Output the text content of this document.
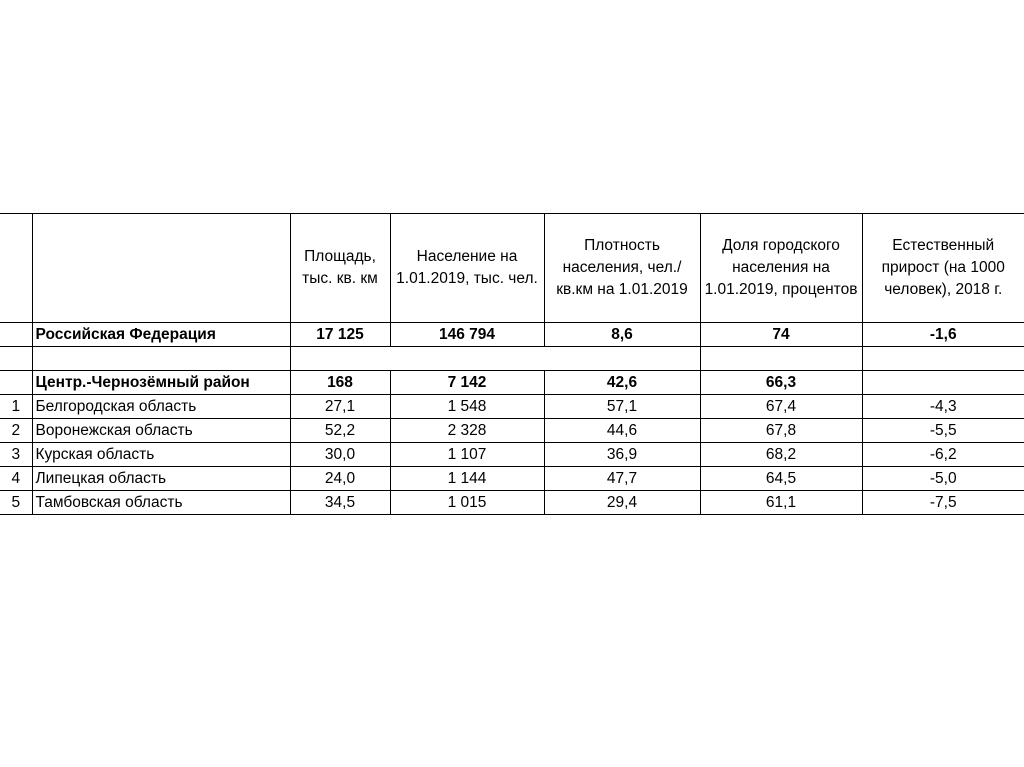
		Площадь, тыс. кв. км	Население на 1.01.2019, тыс. чел.	Плотность населения, чел./кв.км на 1.01.2019	Доля городского населения на 1.01.2019, процентов	Естественный прирост (на 1000 человек), 2018 г.
	Российская Федерация	17 125	146 794	8,6	74	-1,6

	Центр.-Чернозёмный район	168	7 142	42,6	66,3	
1	Белгородская область	27,1	1 548	57,1	67,4	-4,3
2	Воронежская область	52,2	2 328	44,6	67,8	-5,5
3	Курская область	30,0	1 107	36,9	68,2	-6,2
4	Липецкая область	24,0	1 144	47,7	64,5	-5,0
5	Тамбовская область	34,5	1 015	29,4	61,1	-7,5
